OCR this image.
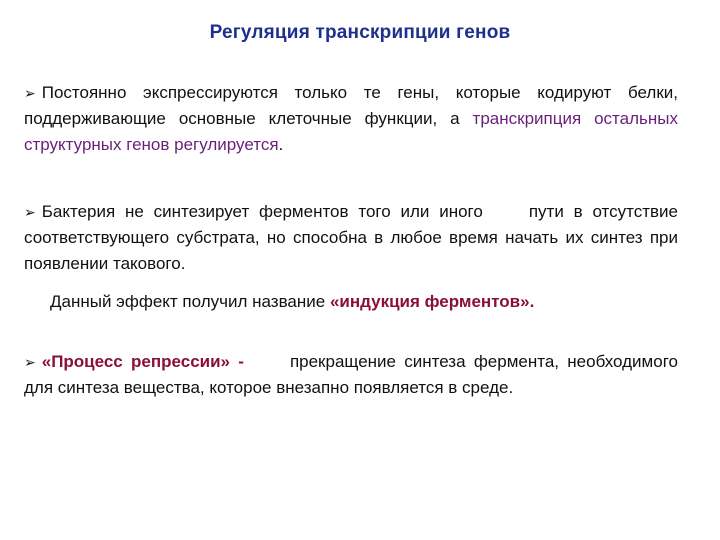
Регуляция транскрипции генов
➢ Постоянно экспрессируются только те гены, которые кодируют белки, поддерживающие основные клеточные функции, а транскрипция остальных структурных генов регулируется.
➢ Бактерия не синтезирует ферментов того или иного	пути в отсутствие соответствующего субстрата, но способна в любое время начать их синтез при появлении такового.
Данный эффект получил название «индукция ферментов».
➢ «Процесс репрессии» -	прекращение синтеза фермента, необходимого для синтеза вещества, которое внезапно появляется в среде.
